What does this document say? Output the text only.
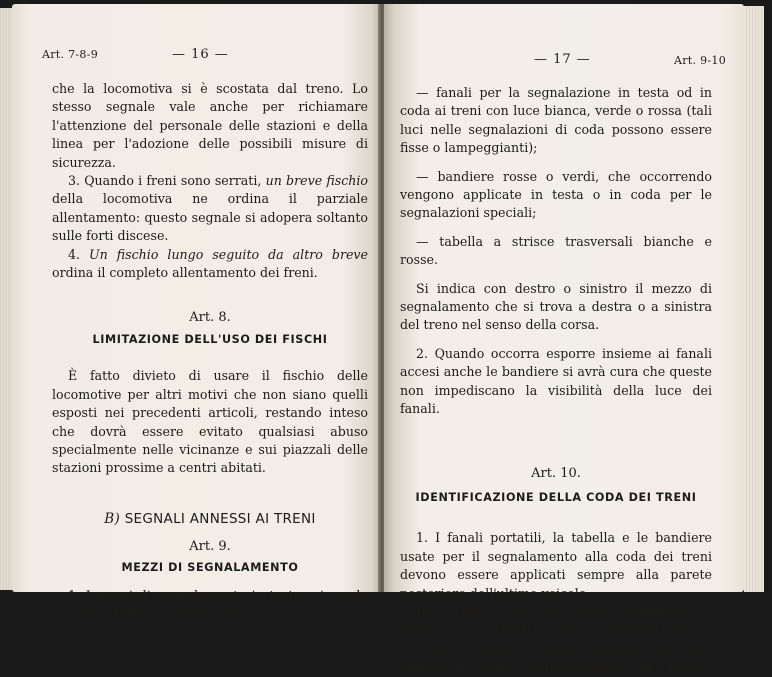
Art. 7-8-9	— 16 —

che la locomotiva si è scostata dal treno. Lo stesso segnale vale anche per richiamare l'attenzione del personale delle stazioni e della linea per l'adozione delle possibili misure di sicurezza.

3. Quando i freni sono serrati, un breve fischio della locomotiva ne ordina il parziale allentamento: questo segnale si adopera soltanto sulle forti discese.

4. Un fischio lungo seguito da altro breve ordina il completo allentamento dei freni.

Art. 8.

LIMITAZIONE DELL'USO DEI FISCHI

È fatto divieto di usare il fischio delle locomotive per altri motivi che non siano quelli esposti nei precedenti articoli, restando inteso che dovrà essere evitato qualsiasi abuso specialmente nelle vicinanze e sui piazzali delle stazioni prossime a centri abitati.

B) SEGNALI ANNESSI AI TRENI

Art. 9.

MEZZI DI SEGNALAMENTO

1. I mezzi di segnalamento in testa o in coda ai treni od alle locomotive sono:

— 17 —	Art. 9-10

— fanali per la segnalazione in testa od in coda ai treni con luce bianca, verde o rossa (tali luci nelle segnalazioni di coda possono essere fisse o lampeggianti);

— bandiere rosse o verdi, che occorrendo vengono applicate in testa o in coda per le segnalazioni speciali;

— tabella a strisce trasversali bianche e rosse.

Si indica con destro o sinistro il mezzo di segnalamento che si trova a destra o a sinistra del treno nel senso della corsa.

2. Quando occorra esporre insieme ai fanali accesi anche le bandiere si avrà cura che queste non impediscano la visibilità della luce dei fanali.

Art. 10.

IDENTIFICAZIONE DELLA CODA DEI TRENI

1. I fanali portatili, la tabella e le bandiere usate per il segnalamento alla coda dei treni devono essere applicati sempre alla parete posteriore dell'ultimo veicolo.

La « coda » del treno viene identificata di giorno da una tabella a strisce inclinate bianche e rosse e di notte dai fanali posteriori, dei quali almeno uno dovrà sempre proiettare luce rossa.
